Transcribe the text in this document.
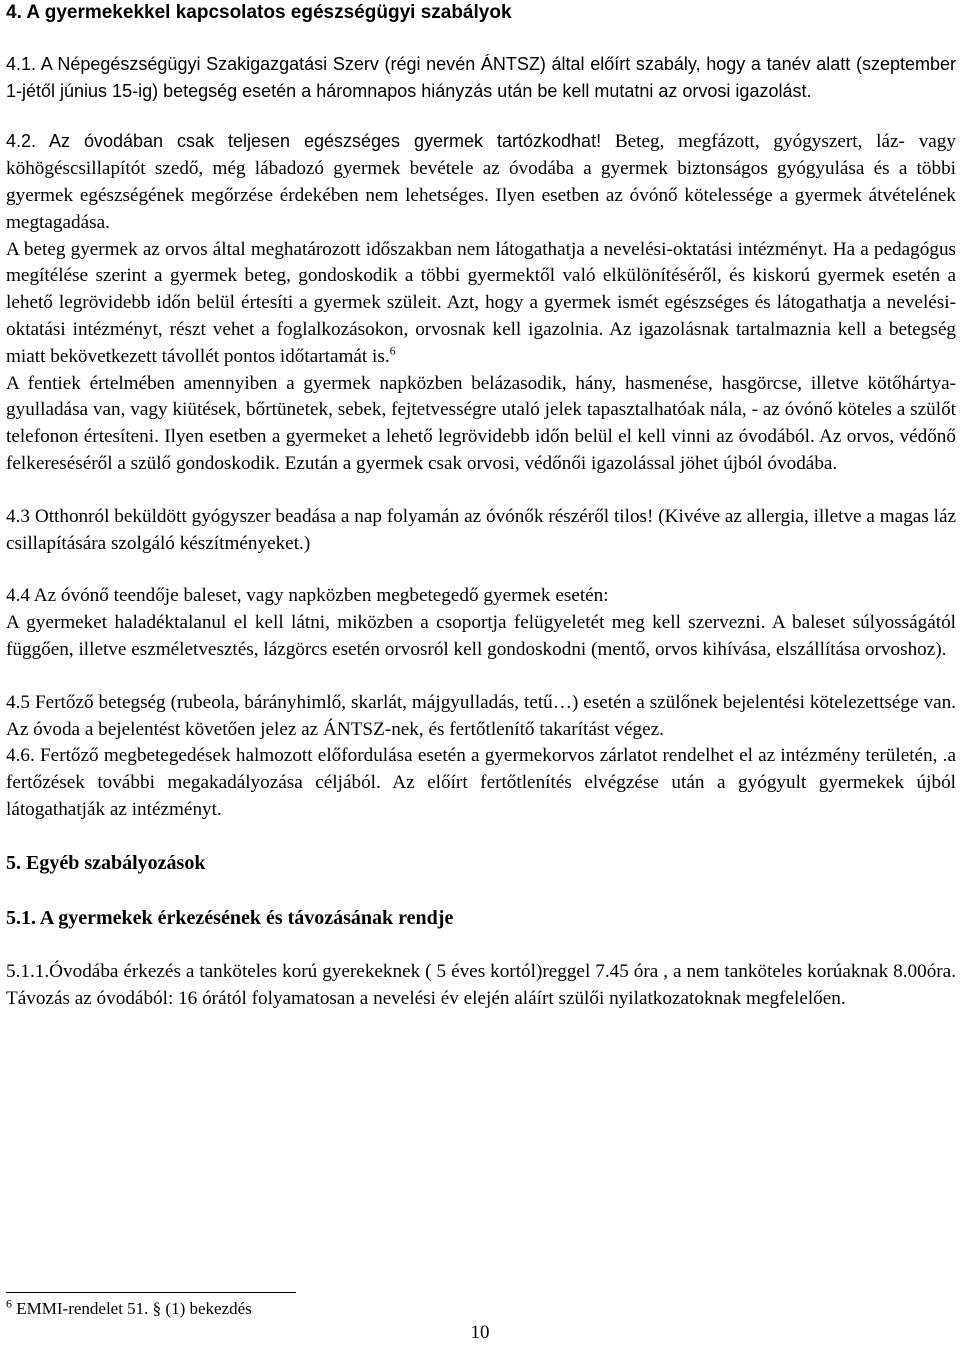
4. A gyermekekkel kapcsolatos egészségügyi szabályok

4.1. A Népegészségügyi Szakigazgatási Szerv (régi nevén ÁNTSZ) által előírt szabály, hogy a tanév alatt (szeptember 1-jétől június 15-ig) betegség esetén a háromnapos hiányzás után be kell mutatni az orvosi igazolást.

4.2. Az óvodában csak teljesen egészséges gyermek tartózkodhat! Beteg, megfázott, gyógyszert, láz- vagy köhögéscsillapítót szedő, még lábadozó gyermek bevétele az óvodába a gyermek biztonságos gyógyulása és a többi gyermek egészségének megőrzése érdekében nem lehetséges. Ilyen esetben az óvónő kötelessége a gyermek átvételének megtagadása.

A beteg gyermek az orvos által meghatározott időszakban nem látogathatja a nevelési-oktatási intézményt. Ha a pedagógus megítélése szerint a gyermek beteg, gondoskodik a többi gyermektől való elkülönítéséről, és kiskorú gyermek esetén a lehető legrövidebb időn belül értesíti a gyermek szüleit. Azt, hogy a gyermek ismét egészséges és látogathatja a nevelési-oktatási intézményt, részt vehet a foglalkozásokon, orvosnak kell igazolnia. Az igazolásnak tartalmaznia kell a betegség miatt bekövetkezett távollét pontos időtartamát is.$^6$

A fentiek értelmében amennyiben a gyermek napközben belázasodik, hány, hasmenése, hasgörcse, illetve kötőhártya-gyulladása van, vagy kiütések, bőrtünetek, sebek, fejtetvességre utaló jelek tapasztalhatóak nála, - az óvónő köteles a szülőt telefonon értesíteni. Ilyen esetben a gyermeket a lehető legrövidebb időn belül el kell vinni az óvodából. Az orvos, védőnő felkereséséről a szülő gondoskodik. Ezután a gyermek csak orvosi, védőnői igazolással jöhet újból óvodába.

4.3 Otthonról beküldött gyógyszer beadása a nap folyamán az óvónők részéről tilos! (Kivéve az allergia, illetve a magas láz csillapítására szolgáló készítményeket.)

4.4 Az óvónő teendője baleset, vagy napközben megbetegedő gyermek esetén:

A gyermeket haladéktalanul el kell látni, miközben a csoportja felügyeletét meg kell szervezni. A baleset súlyosságától függően, illetve eszméletvesztés, lázgörcs esetén orvosról kell gondoskodni (mentő, orvos kihívása, elszállítása orvoshoz).

4.5 Fertőző betegség (rubeola, bárányhimlő, skarlát, májgyulladás, tetű…) esetén a szülőnek bejelentési kötelezettsége van. Az óvoda a bejelentést követően jelez az ÁNTSZ-nek, és fertőtlenítő takarítást végez.

4.6. Fertőző megbetegedések halmozott előfordulása esetén a gyermekorvos zárlatot rendelhet el az intézmény területén, .a fertőzések további megakadályozása céljából. Az előírt fertőtlenítés elvégzése után a gyógyult gyermekek újból látogathatják az intézményt.

5. Egyéb szabályozások
5.1. A gyermekek érkezésének és távozásának rendje

5.1.1.Óvodába érkezés a tanköteles korú gyerekeknek ( 5 éves kortól)reggel 7.45 óra , a nem tanköteles korúaknak 8.00óra. Távozás az óvodából: 16 órától folyamatosan a nevelési év elején aláírt szülői nyilatkozatoknak megfelelően.

$^6$ EMMI-rendelet 51. § (1) bekezdés
10
